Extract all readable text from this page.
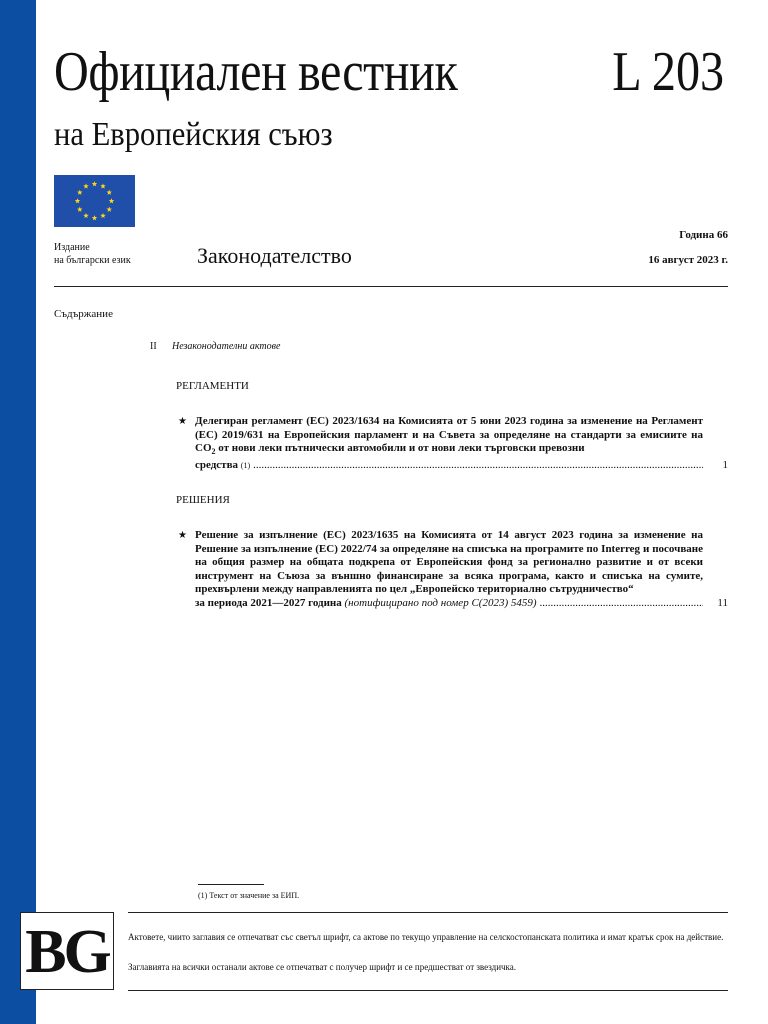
Официален вестник	L 203
на Европейския съюз
Издание
на български език	Законодателство
Година 66
16 август 2023 г.
Съдържание
II Незаконодателни актове
РЕГЛАМЕНТИ
★ Делегиран регламент (ЕС) 2023/1634 на Комисията от 5 юни 2023 година за изменение на Регламент (ЕС) 2019/631 на Европейския парламент и на Съвета за определяне на стандарти за емисиите на $CO_2$ от нови леки пътнически автомобили и от нови леки търговски превозни
средства
(1) .....	1
РЕШЕНИЯ
★ Решение за изпълнение (ЕС) 2023/1635 на Комисията от 14 август 2023 година за изменение на Решение за изпълнение (ЕС) 2022/74 за определяне на списъка на програмите по Interreg и посочване на общия размер на общата подкрепа от Европейския фонд за регионално развитие и от всеки инструмент на Съюза за външно финансиране за всяка програма, както и списъка на сумите, прехвърлени между направленията по цел „Европейско териториално сътрудничество“
за периода 2021—2027 година
(нотифицирано под номер C(2023) 5459) .....	11
(1) Текст от значение за ЕИП.
BG	Актовете, чиито заглавия се отпечатват със светъл шрифт, са актове по текущо управление на селскостопанската политика и имат кратък срок на действие.
Заглавията на всички останали актове се отпечатват с получер шрифт и се предшестват от звездичка.
